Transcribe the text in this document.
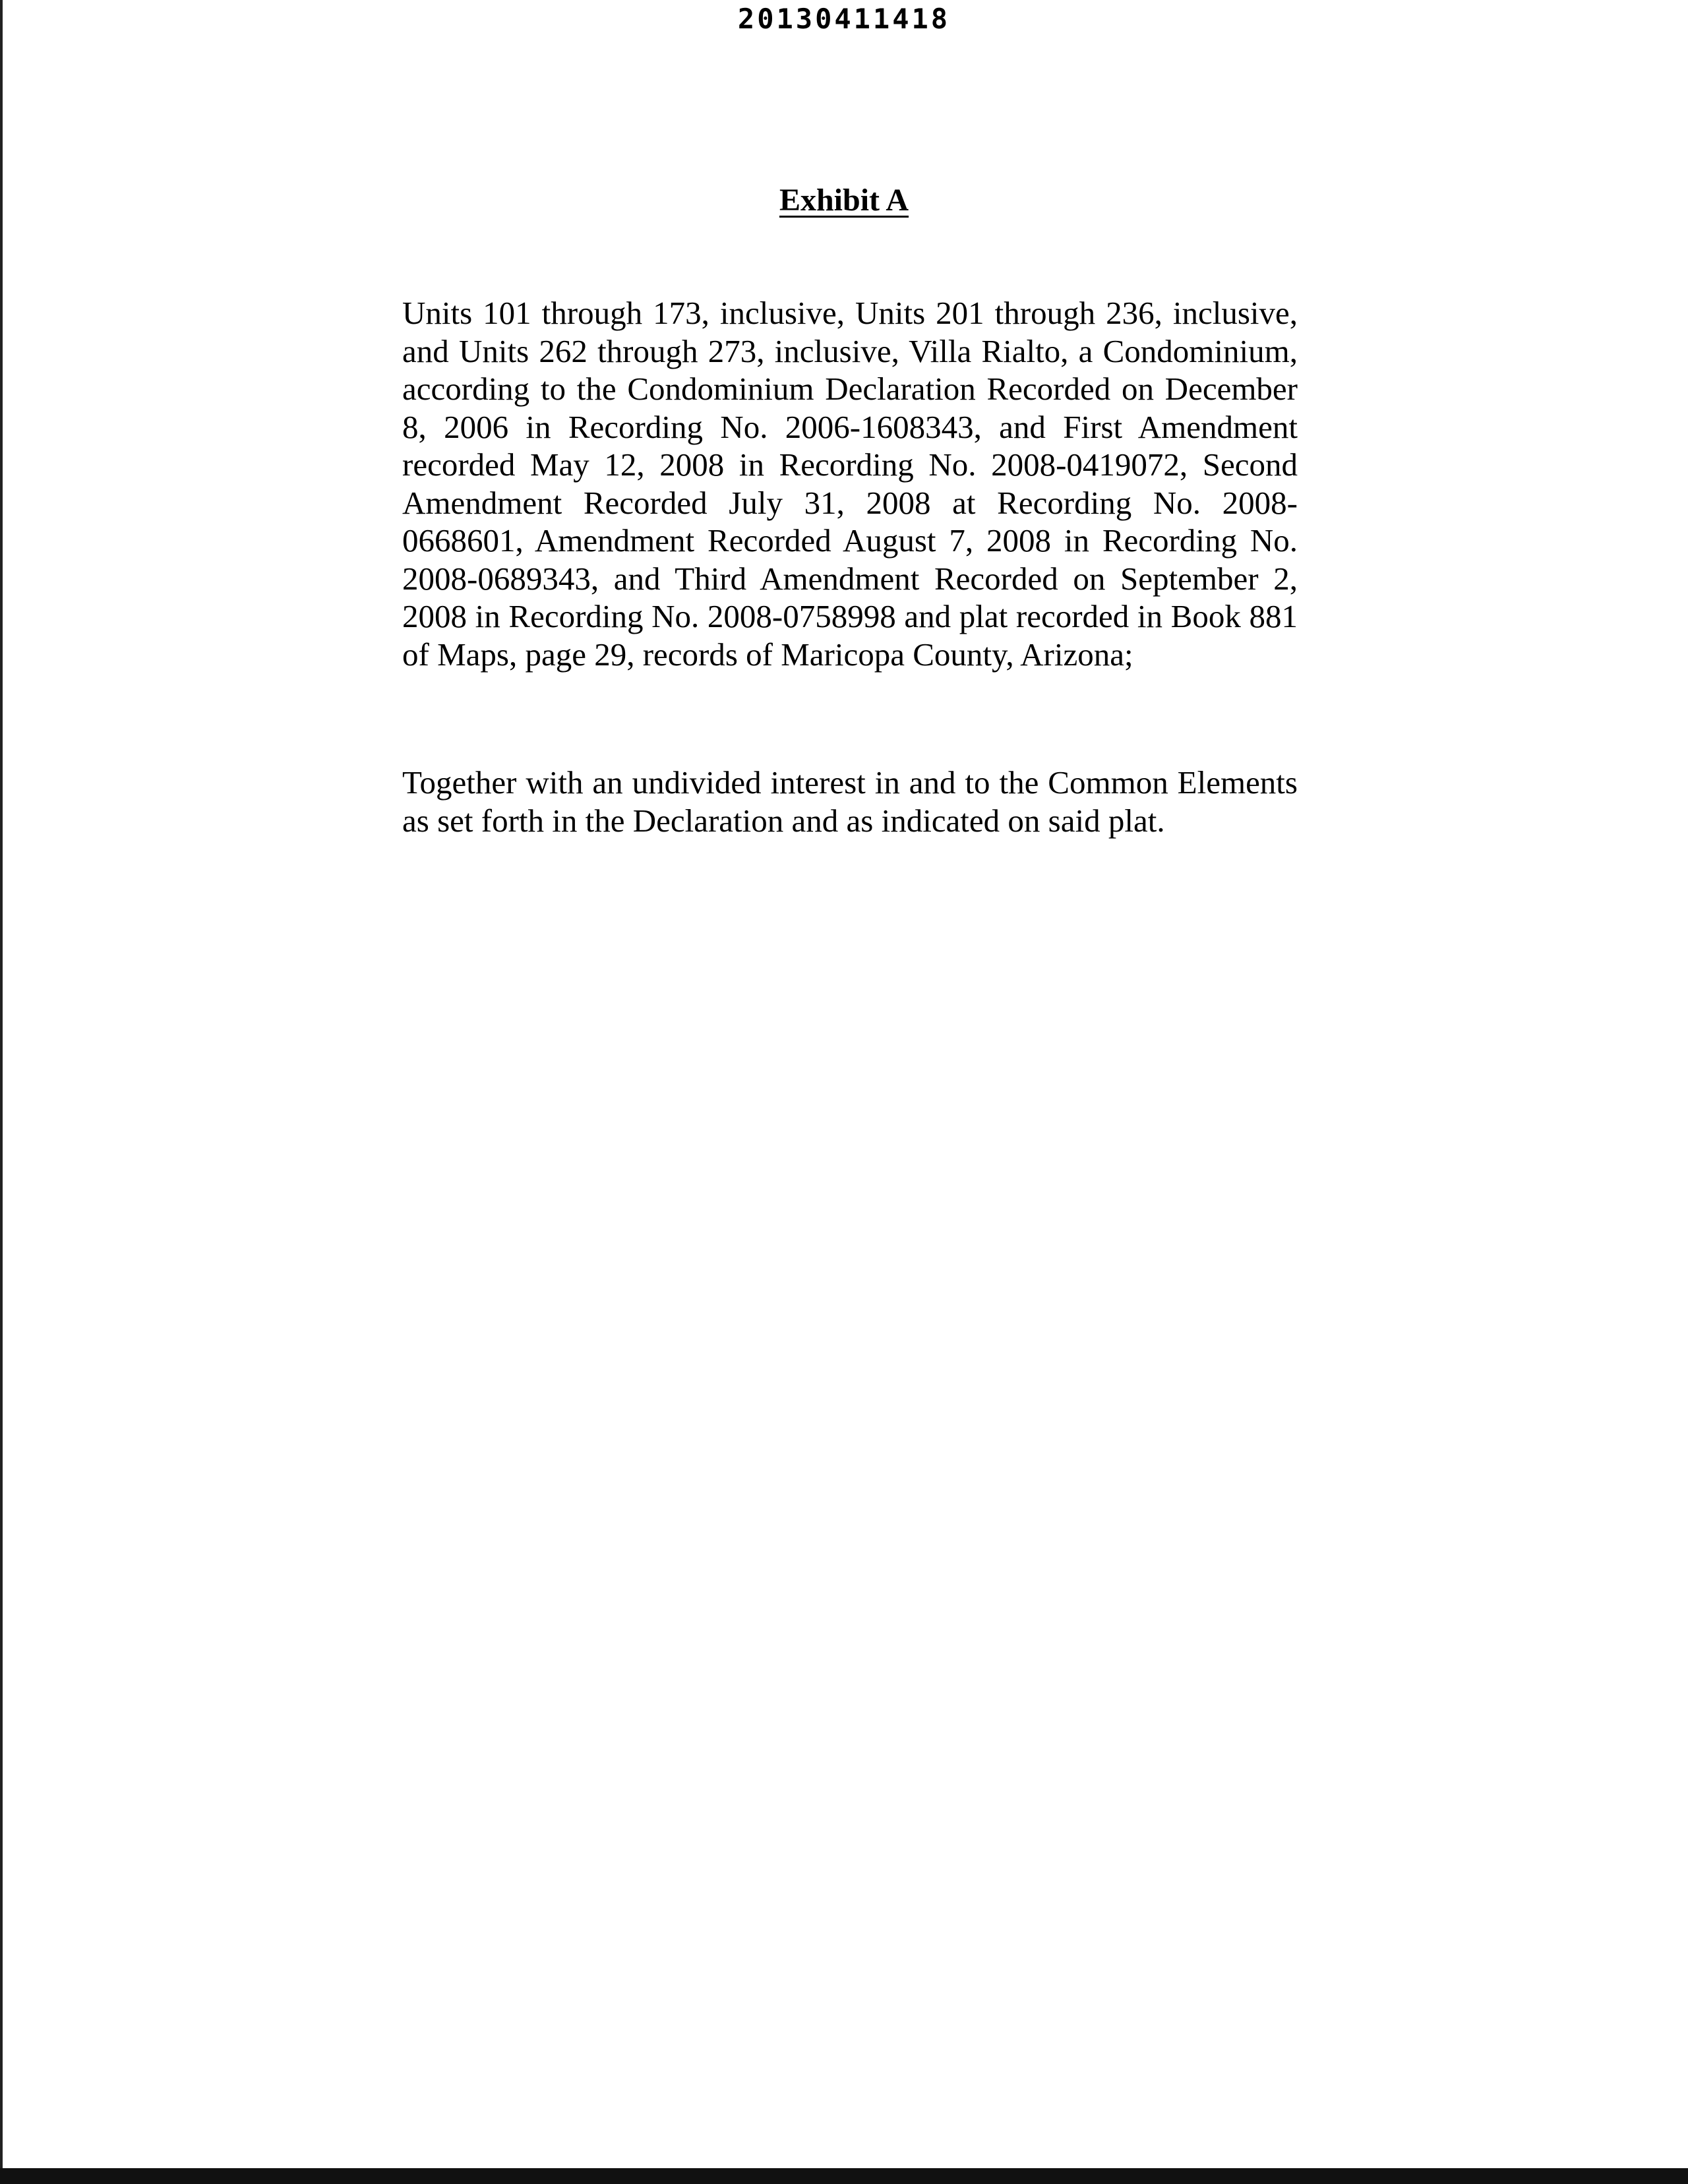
20130411418
Exhibit A

Units 101 through 173, inclusive, Units 201 through 236, inclusive, and Units 262 through 273, inclusive, Villa Rialto, a Condominium, according to the Condominium Declaration Recorded on December 8, 2006 in Recording No. 2006-1608343, and First Amendment recorded May 12, 2008 in Recording No. 2008-0419072, Second Amendment Recorded July 31, 2008 at Recording No. 2008-0668601, Amendment Recorded August 7, 2008 in Recording No. 2008-0689343, and Third Amendment Recorded on September 2, 2008 in Recording No. 2008-0758998 and plat recorded in Book 881 of Maps, page 29, records of Maricopa County, Arizona;

Together with an undivided interest in and to the Common Elements as set forth in the Declaration and as indicated on said plat.
